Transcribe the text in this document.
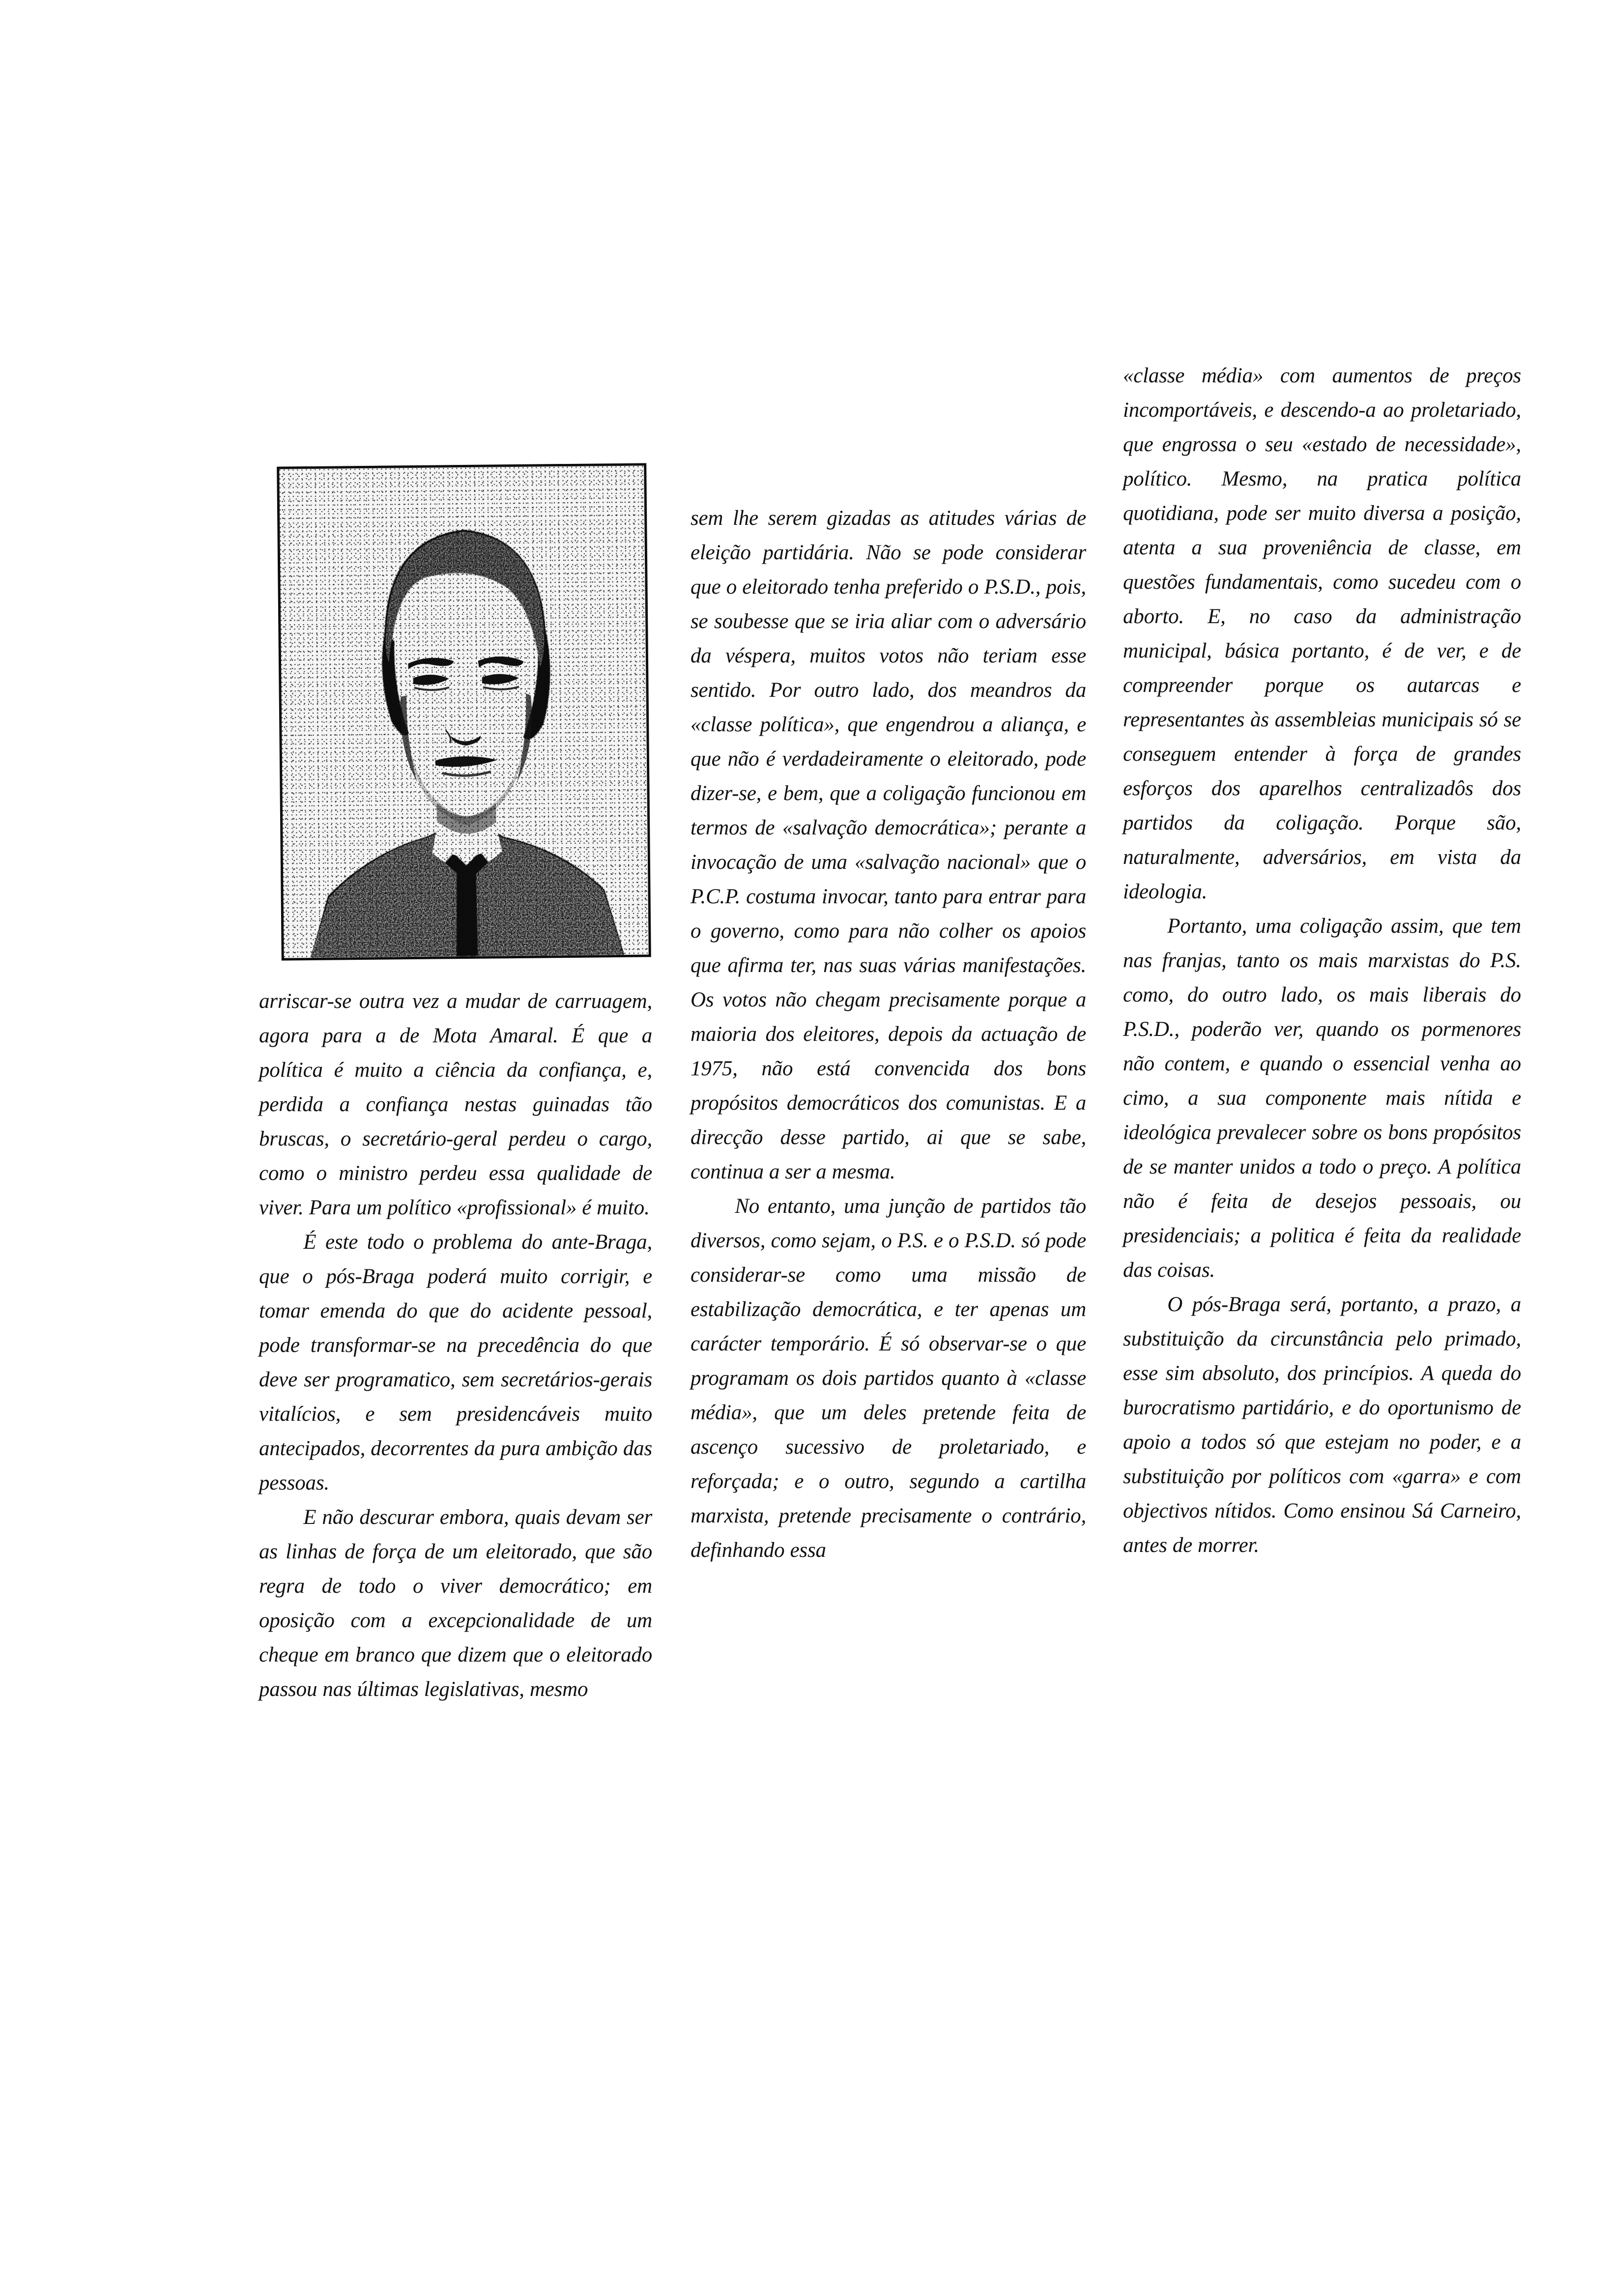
arriscar-se outra vez a mudar de carruagem, agora para a de Mota Amaral. É que a política é muito a ciência da confiança, e, perdida a confiança nestas guinadas tão bruscas, o secretário-geral perdeu o cargo, como o ministro perdeu essa qualidade de viver. Para um político «profissional» é muito.

É este todo o problema do ante-Braga, que o pós-Braga poderá muito corrigir, e tomar emenda do que do acidente pessoal, pode transformar-se na precedência do que deve ser programatico, sem secretários-gerais vitalícios, e sem presidencáveis muito antecipados, decorrentes da pura ambição das pessoas.

E não descurar embora, quais devam ser as linhas de força de um eleitorado, que são regra de todo o viver democrático; em oposição com a excepcionalidade de um cheque em branco que dizem que o eleitorado passou nas últimas legislativas, mesmo

sem lhe serem gizadas as atitudes várias de eleição partidária. Não se pode considerar que o eleitorado tenha preferido o P.S.D., pois, se soubesse que se iria aliar com o adversário da véspera, muitos votos não teriam esse sentido. Por outro lado, dos meandros da «classe política», que engendrou a aliança, e que não é verdadeiramente o eleitorado, pode dizer-se, e bem, que a coligação funcionou em termos de «salvação democrática»; perante a invocação de uma «salvação nacional» que o P.C.P. costuma invocar, tanto para entrar para o governo, como para não colher os apoios que afirma ter, nas suas várias manifestações. Os votos não chegam precisamente porque a maioria dos eleitores, depois da actuação de 1975, não está convencida dos bons propósitos democráticos dos comunistas. E a direcção desse partido, ai que se sabe, continua a ser a mesma.

No entanto, uma junção de partidos tão diversos, como sejam, o P.S. e o P.S.D. só pode considerar-se como uma missão de estabilização democrática, e ter apenas um carácter temporário. É só observar-se o que programam os dois partidos quanto à «classe média», que um deles pretende feita de ascenço sucessivo de proletariado, e reforçada; e o outro, segundo a cartilha marxista, pretende precisamente o contrário, definhando essa

«classe média» com aumentos de preços incomportáveis, e descendo-a ao proletariado, que engrossa o seu «estado de necessidade», político. Mesmo, na pratica política quotidiana, pode ser muito diversa a posição, atenta a sua proveniência de classe, em questões fundamentais, como sucedeu com o aborto. E, no caso da administração municipal, básica portanto, é de ver, e de compreender porque os autarcas e representantes às assembleias municipais só se conseguem entender à força de grandes esforços dos aparelhos centralizadôs dos partidos da coligação. Porque são, naturalmente, adversários, em vista da ideologia.

Portanto, uma coligação assim, que tem nas franjas, tanto os mais marxistas do P.S. como, do outro lado, os mais liberais do P.S.D., poderão ver, quando os pormenores não contem, e quando o essencial venha ao cimo, a sua componente mais nítida e ideológica prevalecer sobre os bons propósitos de se manter unidos a todo o preço. A política não é feita de desejos pessoais, ou presidenciais; a politica é feita da realidade das coisas.

O pós-Braga será, portanto, a prazo, a substituição da circunstância pelo primado, esse sim absoluto, dos princípios. A queda do burocratismo partidário, e do oportunismo de apoio a todos só que estejam no poder, e a substituição por políticos com «garra» e com objectivos nítidos. Como ensinou Sá Carneiro, antes de morrer.
